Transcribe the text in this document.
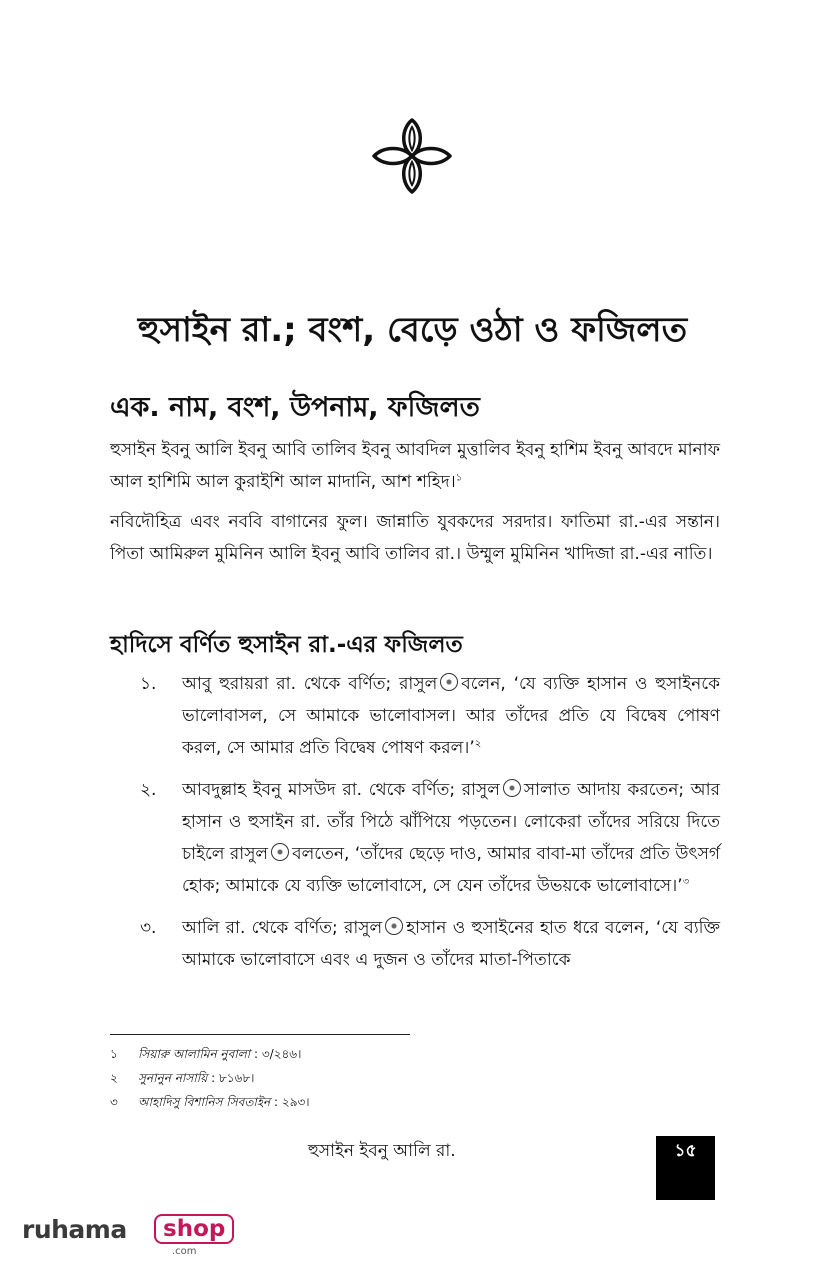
হুসাইন রা.; বংশ, বেড়ে ওঠা ও ফজিলত
এক. নাম, বংশ, উপনাম, ফজিলত

হুসাইন ইবনু আলি ইবনু আবি তালিব ইবনু আবদিল মুত্তালিব ইবনু হাশিম ইবনু আবদে মানাফ আল হাশিমি আল কুরাইশি আল মাদানি, আশ শহিদ।$^১$

নবিদৌহিত্র এবং নববি বাগানের ফুল। জান্নাতি যুবকদের সরদার। ফাতিমা রা.-এর সন্তান। পিতা আমিরুল মুমিনিন আলি ইবনু আবি তালিব রা.। উম্মুল মুমিনিন খাদিজা রা.-এর নাতি।

হাদিসে বর্ণিত হুসাইন রা.-এর ফজিলত
১. আবু হুরায়রা রা. থেকে বর্ণিত; রাসুল বলেন, ‘যে ব্যক্তি হাসান ও হুসাইনকে ভালোবাসল, সে আমাকে ভালোবাসল। আর তাঁদের প্রতি যে বিদ্বেষ পোষণ করল, সে আমার প্রতি বিদ্বেষ পোষণ করল।’$^২$
২. আবদুল্লাহ ইবনু মাসউদ রা. থেকে বর্ণিত; রাসুল সালাত আদায় করতেন; আর হাসান ও হুসাইন রা. তাঁর পিঠে ঝাঁপিয়ে পড়তেন। লোকেরা তাঁদের সরিয়ে দিতে চাইলে রাসুল বলতেন, ‘তাঁদের ছেড়ে দাও, আমার বাবা-মা তাঁদের প্রতি উৎসর্গ হোক; আমাকে যে ব্যক্তি ভালোবাসে, সে যেন তাঁদের উভয়কে ভালোবাসে।’$^৩$
৩. আলি রা. থেকে বর্ণিত; রাসুল হাসান ও হুসাইনের হাত ধরে বলেন, ‘যে ব্যক্তি আমাকে ভালোবাসে এবং এ দুজন ও তাঁদের মাতা-পিতাকে
১ সিয়ারু আলামিন নুবালা : ৩/২৪৬।
২ সুনানুন নাসায়ি : ৮১৬৮।
৩ আহাদিসু বিশানিস সিবতাইন : ২৯৩।
হুসাইন ইবনু আলি রা.	১৫
ruhama	shop
.com
